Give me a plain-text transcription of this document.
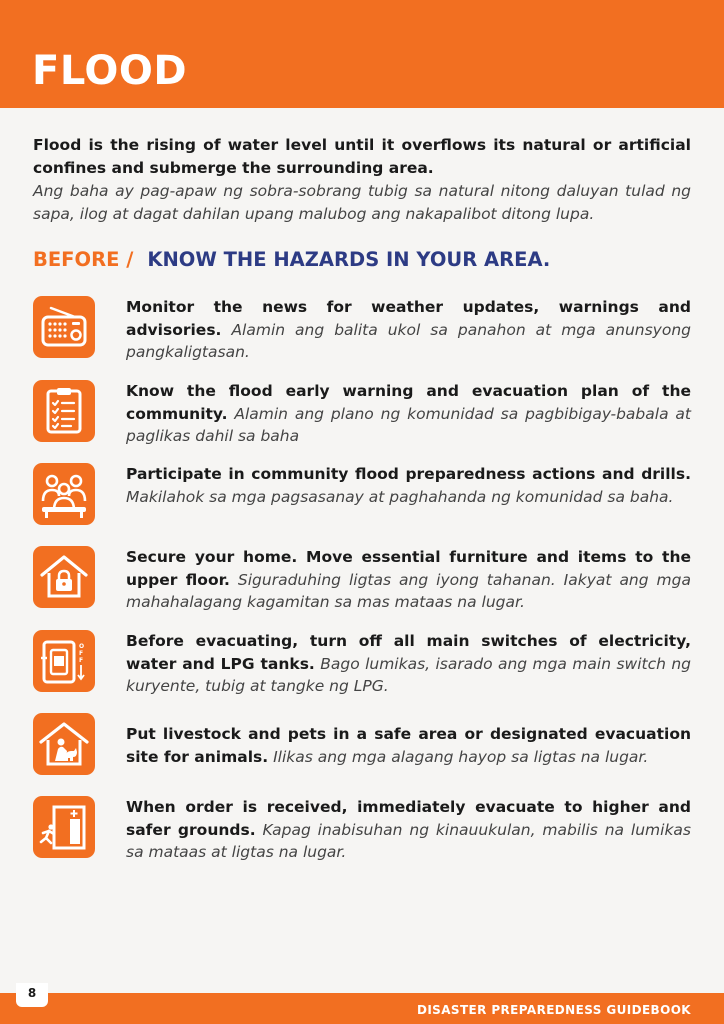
FLOOD

Flood is the rising of water level until it overflows its natural or artificial confines and submerge the surrounding area.

Ang baha ay pag-apaw ng sobra-sobrang tubig sa natural nitong daluyan tulad ng sapa, ilog at dagat dahilan upang malubog ang nakapalibot ditong lupa.

BEFORE / KNOW THE HAZARDS IN YOUR AREA.
Monitor the news for weather updates, warnings and advisories. Alamin ang balita ukol sa panahon at mga anunsyong pangkaligtasan.
Know the flood early warning and evacuation plan of the community. Alamin ang plano ng komunidad sa pagbibigay-babala at paglikas dahil sa baha
Participate in community flood preparedness actions and drills. Makilahok sa mga pagsasanay at paghahanda ng komunidad sa baha.
Secure your home. Move essential furniture and items to the upper floor. Siguraduhing ligtas ang iyong tahanan. Iakyat ang mga mahahalagang kagamitan sa mas mataas na lugar.
O
F
F
Before evacuating, turn off all main switches of electricity, water and LPG tanks. Bago lumikas, isarado ang mga main switch ng kuryente, tubig at tangke ng LPG.
Put livestock and pets in a safe area or designated evacuation site for animals. Ilikas ang mga alagang hayop sa ligtas na lugar.
When order is received, immediately evacuate to higher and safer grounds. Kapag inabisuhan ng kinauukulan, mabilis na lumikas sa mataas at ligtas na lugar.
8
DISASTER PREPAREDNESS GUIDEBOOK
